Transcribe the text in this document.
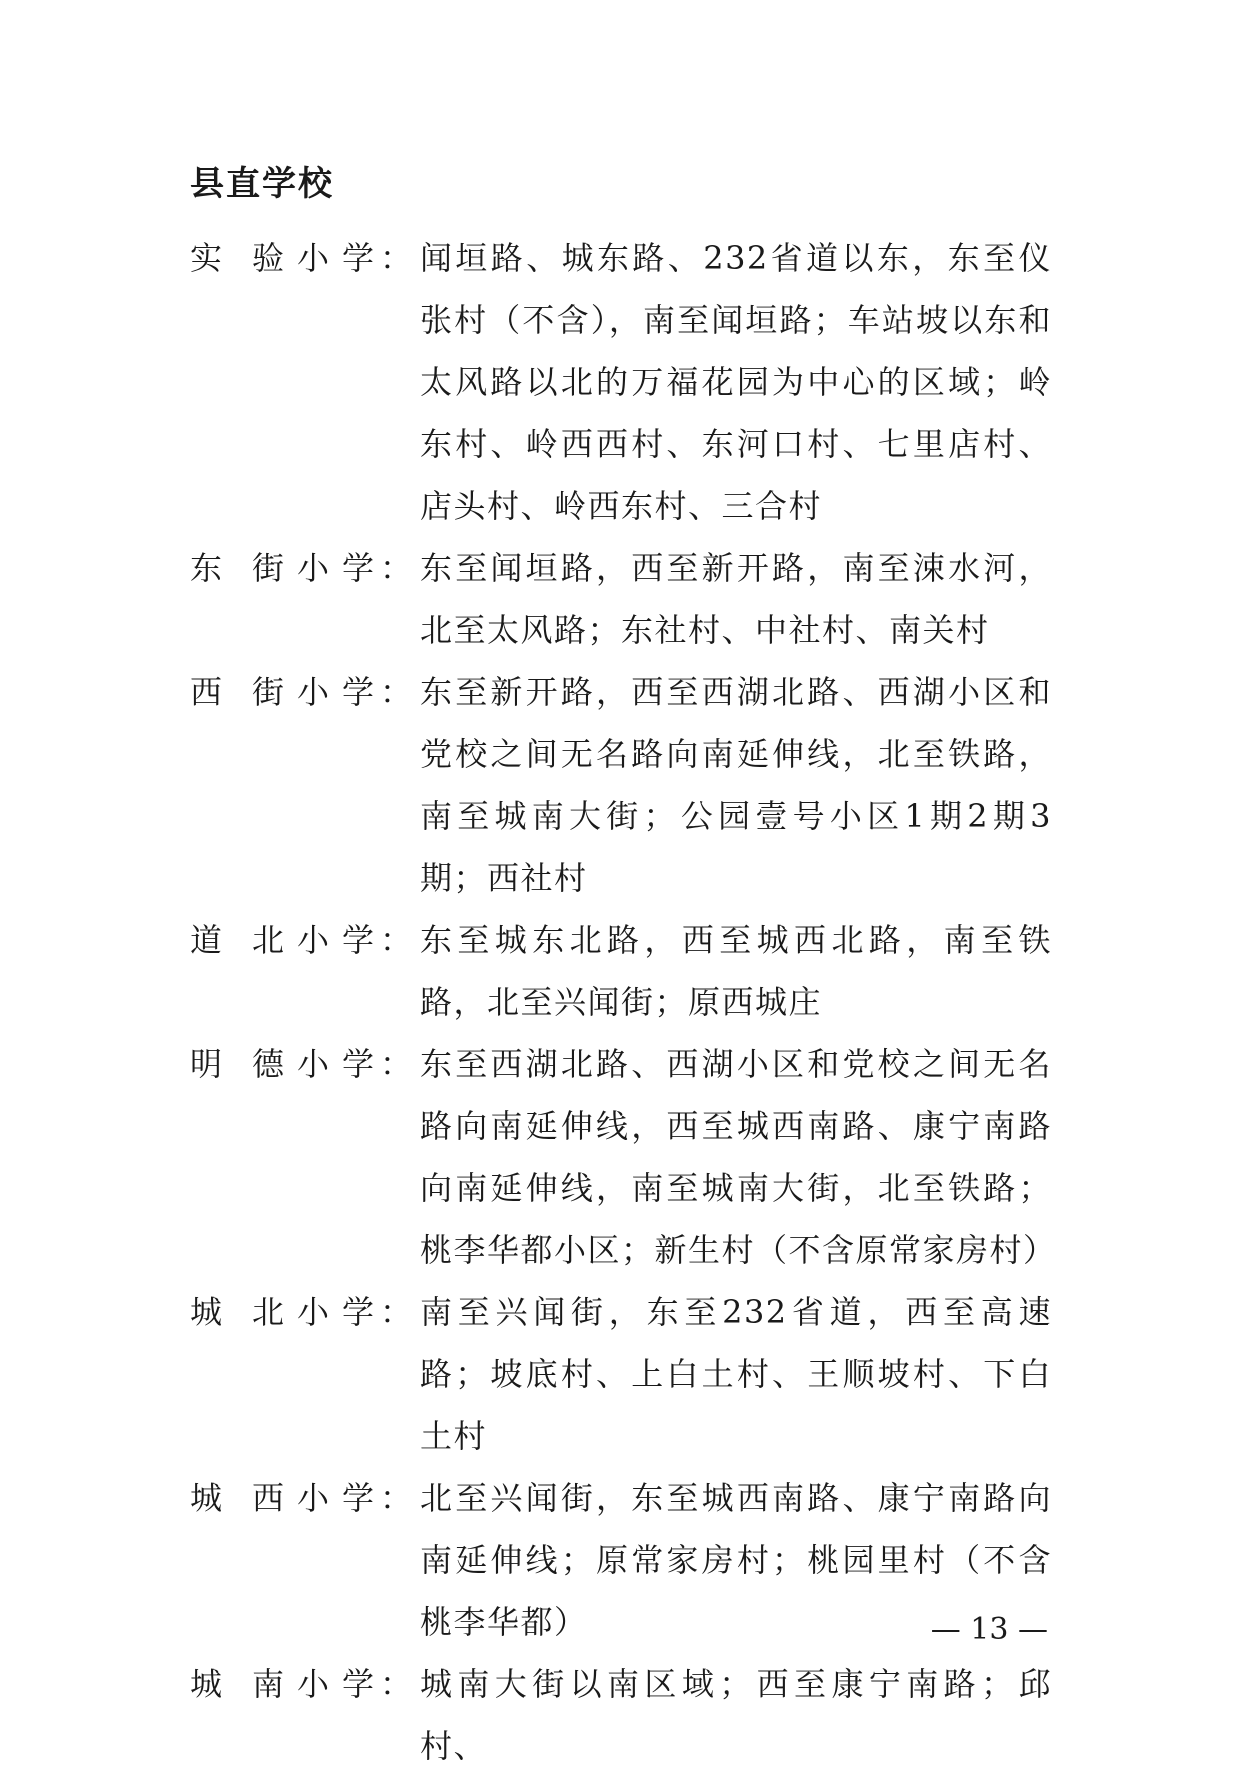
县直学校
实 验 小 学 ： 闻垣路、城东路、232省道以东，东至仪张村（不含），南至闻垣路；车站坡以东和太风路以北的万福花园为中心的区域；岭东村、岭西西村、东河口村、七里店村、店头村、岭西东村、三合村
东 街 小 学 ： 东至闻垣路，西至新开路，南至涑水河，北至太风路；东社村、中社村、南关村
西 街 小 学 ： 东至新开路，西至西湖北路、西湖小区和党校之间无名路向南延伸线，北至铁路，南至城南大街；公园壹号小区1期2期3期；西社村
道 北 小 学 ： 东至城东北路，西至城西北路，南至铁路，北至兴闻街；原西城庄
明 德 小 学 ： 东至西湖北路、西湖小区和党校之间无名路向南延伸线，西至城西南路、康宁南路向南延伸线，南至城南大街，北至铁路；桃李华都小区；新生村（不含原常家房村）
城 北 小 学 ： 南至兴闻街，东至232省道，西至高速路；坡底村、上白土村、王顺坡村、下白土村
城 西 小 学 ： 北至兴闻街，东至城西南路、康宁南路向南延伸线；原常家房村；桃园里村（不含桃李华都）
城 南 小 学 ： 城南大街以南区域；西至康宁南路；邱村、
— 13 —
